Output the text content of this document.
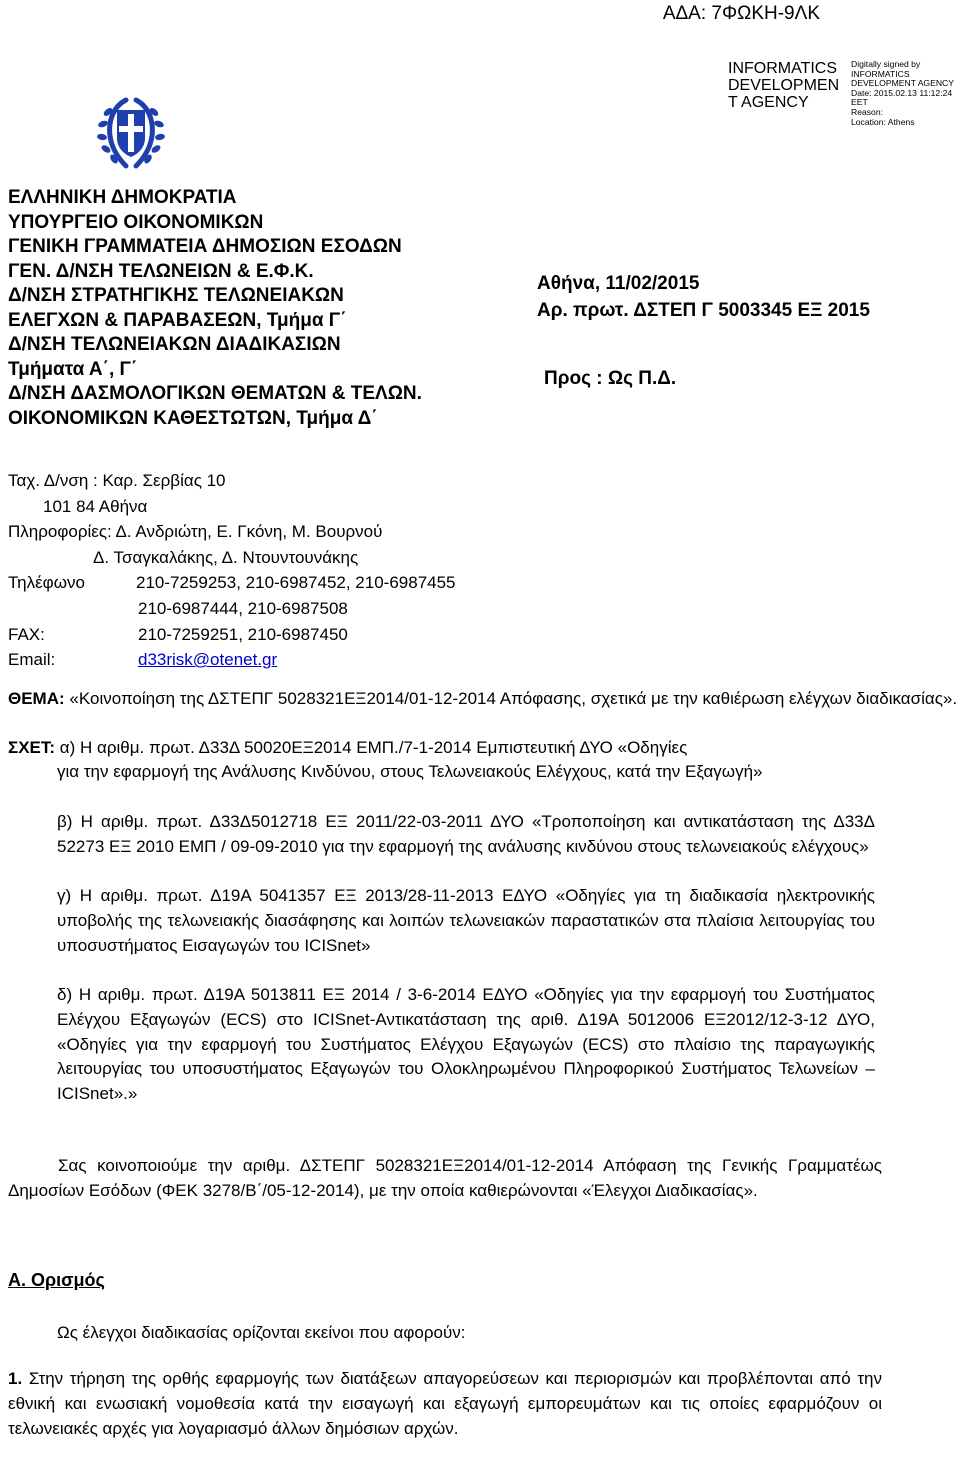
ΑΔΑ: 7ΦΩΚΗ-9ΛΚ
INFORMATICS
DEVELOPMEN
T AGENCY
Digitally signed by
INFORMATICS
DEVELOPMENT AGENCY
Date: 2015.02.13 11:12:24
EET
Reason:
Location: Athens
ΕΛΛΗΝΙΚΗ ΔΗΜΟΚΡΑΤΙΑ
ΥΠΟΥΡΓΕΙΟ ΟΙΚΟΝΟΜΙΚΩΝ
ΓΕΝΙΚΗ ΓΡΑΜΜΑΤΕΙΑ ΔΗΜΟΣΙΩΝ ΕΣΟΔΩΝ
ΓΕΝ. Δ/ΝΣΗ ΤΕΛΩΝΕΙΩΝ & Ε.Φ.Κ.
Δ/ΝΣΗ ΣΤΡΑΤΗΓΙΚΗΣ ΤΕΛΩΝΕΙΑΚΩΝ
ΕΛΕΓΧΩΝ & ΠΑΡΑΒΑΣΕΩΝ, Τμήμα Γ΄
Δ/ΝΣΗ ΤΕΛΩΝΕΙΑΚΩΝ ΔΙΑΔΙΚΑΣΙΩΝ
Τμήματα Α΄, Γ΄
Δ/ΝΣΗ ΔΑΣΜΟΛΟΓΙΚΩΝ ΘΕΜΑΤΩΝ & ΤΕΛΩΝ.
ΟΙΚΟΝΟΜΙΚΩΝ ΚΑΘΕΣΤΩΤΩΝ, Τμήμα Δ΄
Αθήνα, 11/02/2015
Αρ. πρωτ. ΔΣΤΕΠ Γ 5003345 ΕΞ 2015
Προς : Ως Π.Δ.
Ταχ. Δ/νση : Καρ. Σερβίας 10
101 84 Αθήνα
Πληροφορίες: Δ. Ανδριώτη, Ε. Γκόνη, Μ. Βουρνού
Δ. Τσαγκαλάκης, Δ. Ντουντουνάκης
Τηλέφωνο	210-7259253, 210-6987452, 210-6987455
210-6987444, 210-6987508
FAX:	210-7259251, 210-6987450
Email:	d33risk@otenet.gr
ΘΕΜΑ: «Κοινοποίηση της ΔΣΤΕΠΓ 5028321ΕΞ2014/01-12-2014 Απόφασης, σχετικά με την καθιέρωση ελέγχων διαδικασίας».
ΣΧΕΤ: α) Η αριθμ. πρωτ. Δ33Δ 50020ΕΞ2014 ΕΜΠ./7-1-2014 Εμπιστευτική ΔΥΟ «Οδηγίες
για την εφαρμογή της Ανάλυσης Κινδύνου, στους Τελωνειακούς Ελέγχους, κατά την Εξαγωγή»
β) Η αριθμ. πρωτ. Δ33Δ5012718 ΕΞ 2011/22-03-2011 ΔΥΟ «Τροποποίηση και αντικατάσταση της Δ33Δ 52273 ΕΞ 2010 ΕΜΠ / 09-09-2010 για την εφαρμογή της ανάλυσης κινδύνου στους τελωνειακούς ελέγχους»
γ) Η αριθμ. πρωτ. Δ19Α 5041357 ΕΞ 2013/28-11-2013 ΕΔΥΟ «Οδηγίες για τη διαδικασία ηλεκτρονικής υποβολής της τελωνειακής διασάφησης και λοιπών τελωνειακών παραστατικών στα πλαίσια λειτουργίας του υποσυστήματος Εισαγωγών του ICISnet»
δ) Η αριθμ. πρωτ. Δ19Α 5013811 ΕΞ 2014 / 3-6-2014 ΕΔΥΟ «Οδηγίες για την εφαρμογή του Συστήματος Ελέγχου Εξαγωγών (ECS) στο ICISnet-Αντικατάσταση της αριθ. Δ19Α 5012006 ΕΞ2012/12-3-12 ΔΥΟ, «Οδηγίες για την εφαρμογή του Συστήματος Ελέγχου Εξαγωγών (ECS) στο πλαίσιο της παραγωγικής λειτουργίας του υποσυστήματος Εξαγωγών του Ολοκληρωμένου Πληροφορικού Συστήματος Τελωνείων – ICISnet».»
Σας κοινοποιούμε την αριθμ. ΔΣΤΕΠΓ 5028321ΕΞ2014/01-12-2014 Απόφαση της Γενικής Γραμματέως Δημοσίων Εσόδων (ΦΕΚ 3278/Β΄/05-12-2014), με την οποία καθιερώνονται «Έλεγχοι Διαδικασίας».
Α. Ορισμός
Ως έλεγχοι διαδικασίας ορίζονται εκείνοι που αφορούν:
1. Στην τήρηση της ορθής εφαρμογής των διατάξεων απαγορεύσεων και περιορισμών και προβλέπονται από την εθνική και ενωσιακή νομοθεσία κατά την εισαγωγή και εξαγωγή εμπορευμάτων και τις οποίες εφαρμόζουν οι τελωνειακές αρχές για λογαριασμό άλλων δημόσιων αρχών.
